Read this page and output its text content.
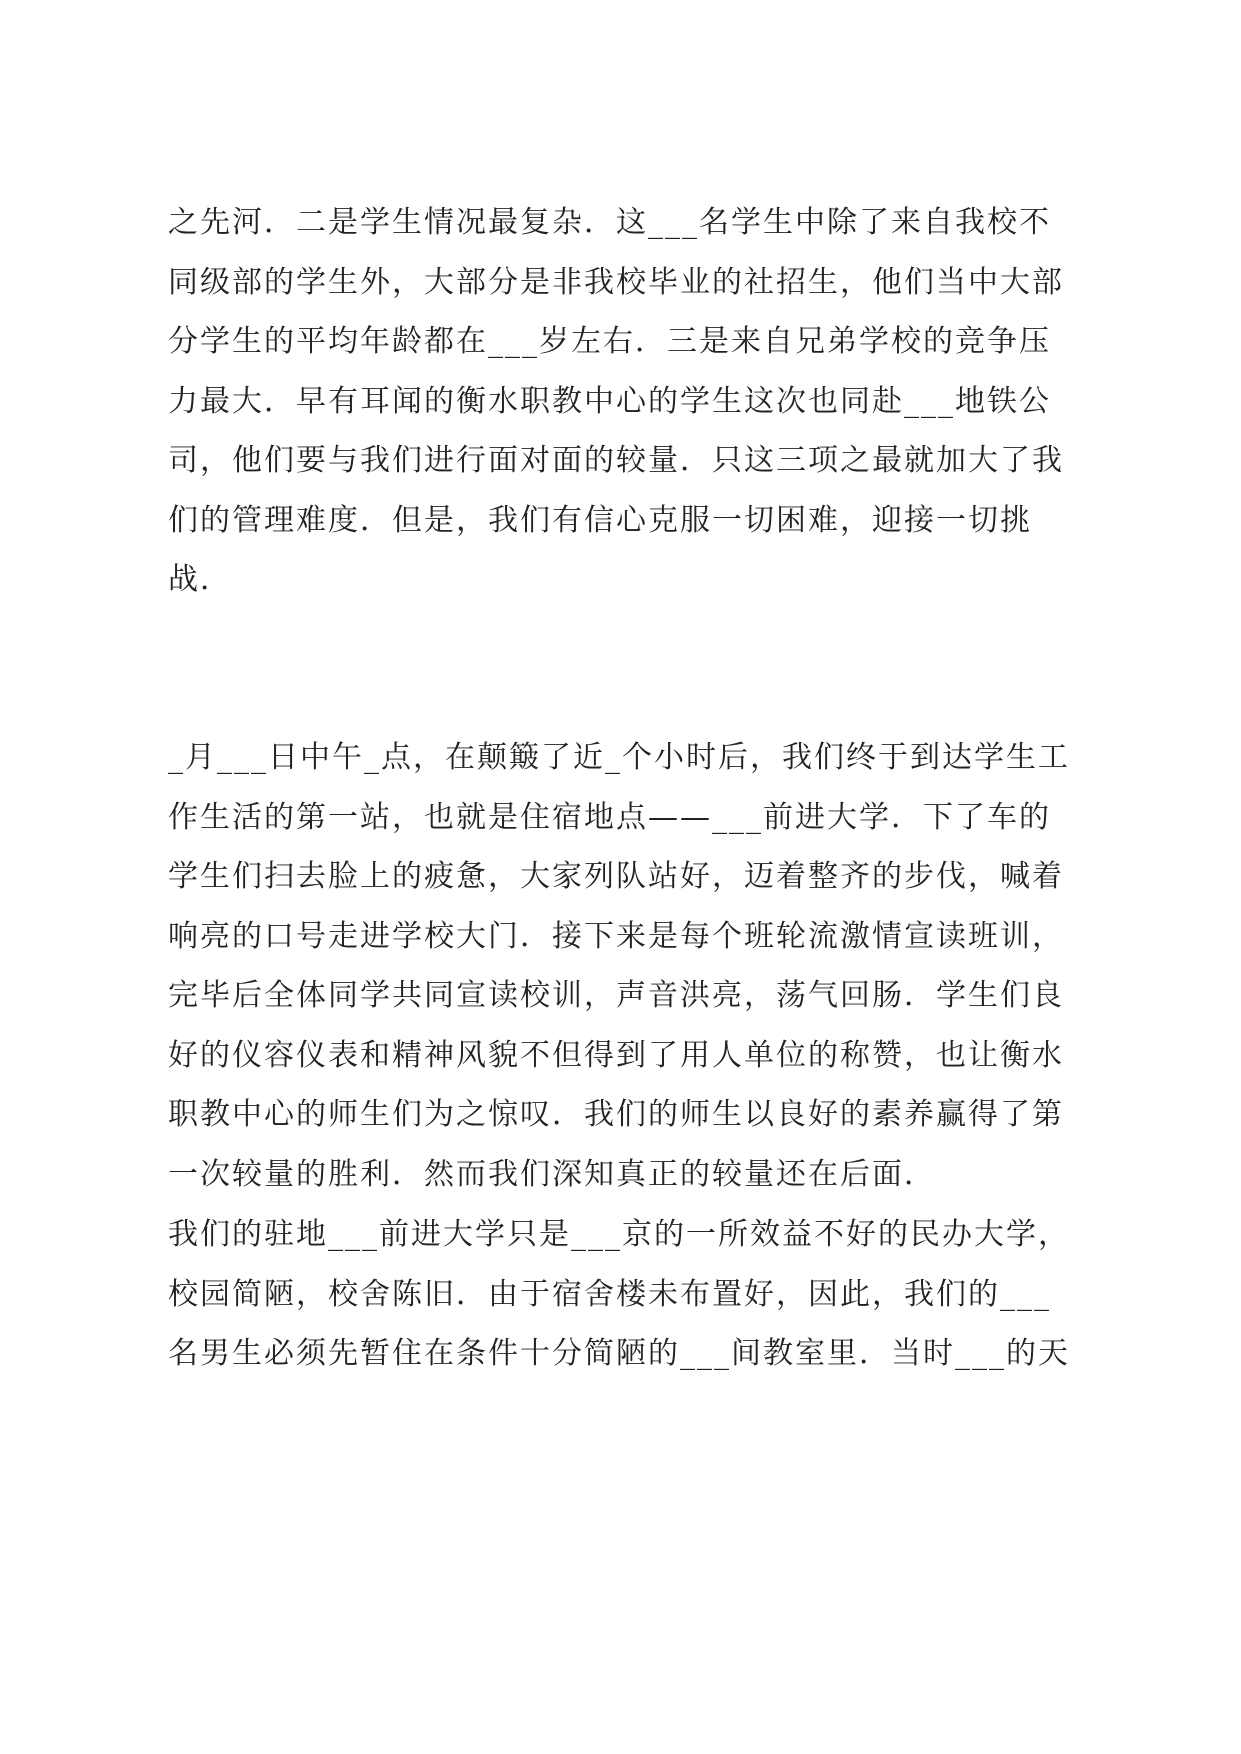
之先河．二是学生情况最复杂．这___名学生中除了来自我校不
同级部的学生外，大部分是非我校毕业的社招生，他们当中大部
分学生的平均年龄都在___岁左右．三是来自兄弟学校的竞争压
力最大．早有耳闻的衡水职教中心的学生这次也同赴___地铁公
司，他们要与我们进行面对面的较量．只这三项之最就加大了我
们的管理难度．但是，我们有信心克服一切困难，迎接一切挑
战．
_月___日中午_点，在颠簸了近_个小时后，我们终于到达学生工
作生活的第一站，也就是住宿地点——___前进大学．下了车的
学生们扫去脸上的疲惫，大家列队站好，迈着整齐的步伐，喊着
响亮的口号走进学校大门．接下来是每个班轮流激情宣读班训，
完毕后全体同学共同宣读校训，声音洪亮，荡气回肠．学生们良
好的仪容仪表和精神风貌不但得到了用人单位的称赞，也让衡水
职教中心的师生们为之惊叹．我们的师生以良好的素养赢得了第
一次较量的胜利．然而我们深知真正的较量还在后面．
我们的驻地___前进大学只是___京的一所效益不好的民办大学，
校园简陋，校舍陈旧．由于宿舍楼未布置好，因此，我们的___
名男生必须先暂住在条件十分简陋的___间教室里．当时___的天
